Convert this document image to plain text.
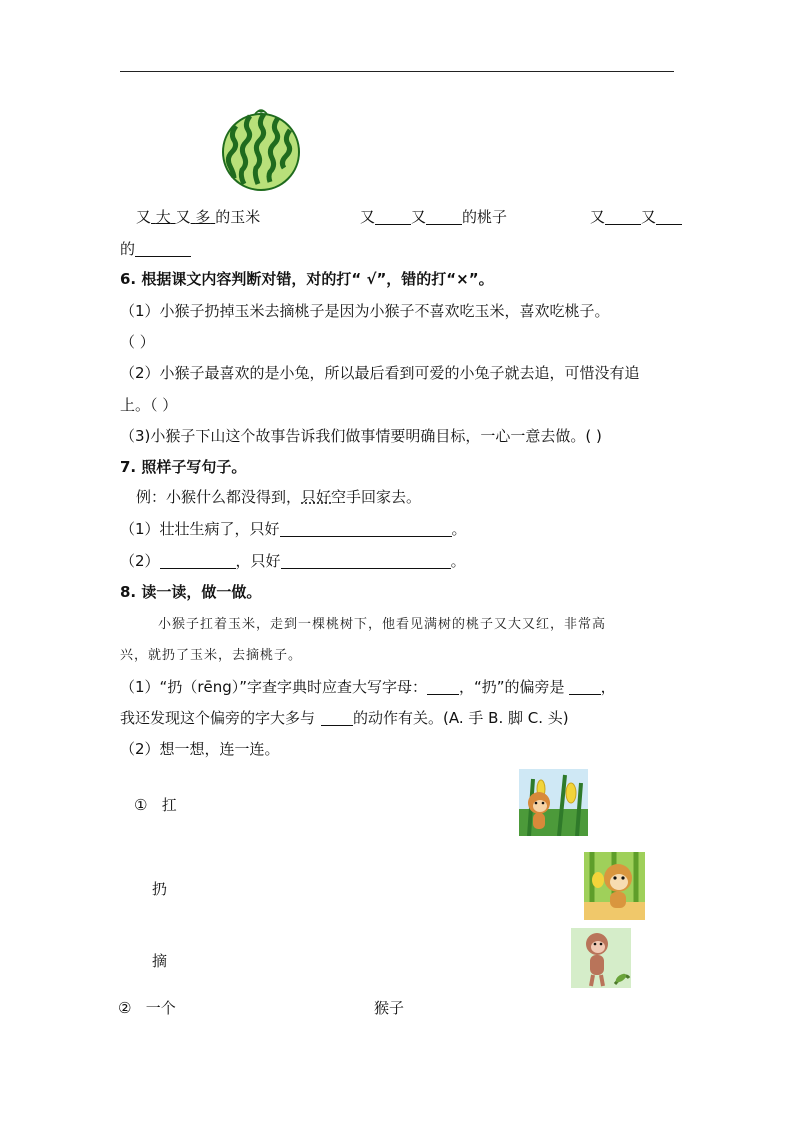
又 大 又 多 的玉米	又 又 的桃子	又 又
的
6. 根据课文内容判断对错，对的打“ √”，错的打“×”。
（1）小猴子扔掉玉米去摘桃子是因为小猴子不喜欢吃玉米，喜欢吃桃子。
（ ）
（2）小猴子最喜欢的是小兔，所以最后看到可爱的小兔子就去追，可惜没有追
上。（ ）
（3)小猴子下山这个故事告诉我们做事情要明确目标，一心一意去做。( )
7. 照样子写句子。
例：小猴什么都没得到，只好空手回家去。
（1）壮壮生病了，只好	。
（2）	，只好	。
8. 读一读，做一做。
小猴子扛着玉米，走到一棵桃树下，他看见满树的桃子又大又红，非常高
兴，就扔了玉米，去摘桃子。
（1）“扔（rēng）”字查字典时应查大写字母： ，“扔”的偏旁是 ，
我还发现这个偏旁的字大多与	的动作有关。(A. 手 B. 脚 C. 头)
（2）想一想，连一连。
① 扛
扔
摘
② 一个	猴子
